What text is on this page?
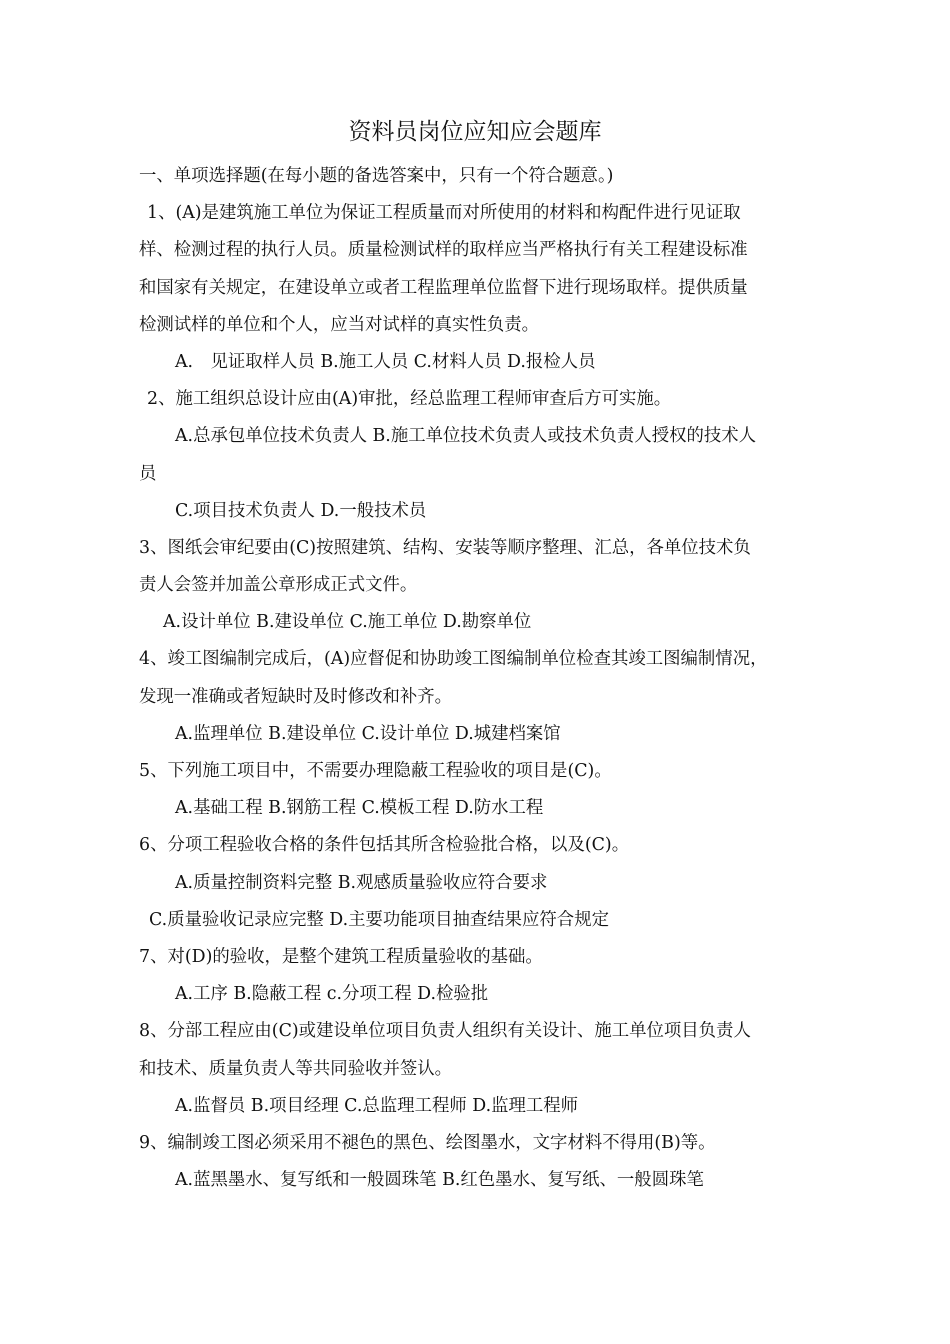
资料员岗位应知应会题库
一、单项选择题(在每小题的备选答案中，只有一个符合题意。)
1、(A)是建筑施工单位为保证工程质量而对所使用的材料和构配件进行见证取
样、检测过程的执行人员。质量检测试样的取样应当严格执行有关工程建设标准
和国家有关规定，在建设单立或者工程监理单位监督下进行现场取样。提供质量
检测试样的单位和个人，应当对试样的真实性负责。
A.　见证取样人员 B.施工人员 C.材料人员 D.报检人员
2、施工组织总设计应由(A)审批，经总监理工程师审查后方可实施。
A.总承包单位技术负责人 B.施工单位技术负责人或技术负责人授权的技术人
员
C.项目技术负责人 D.一般技术员
3、图纸会审纪要由(C)按照建筑、结构、安装等顺序整理、汇总，各单位技术负
责人会签并加盖公章形成正式文件。
A.设计单位 B.建设单位 C.施工单位 D.勘察单位
4、竣工图编制完成后，(A)应督促和协助竣工图编制单位检查其竣工图编制情况，
发现一准确或者短缺时及时修改和补齐。
A.监理单位 B.建设单位 C.设计单位 D.城建档案馆
5、下列施工项目中，不需要办理隐蔽工程验收的项目是(C)。
A.基础工程 B.钢筋工程 C.模板工程 D.防水工程
6、分项工程验收合格的条件包括其所含检验批合格，以及(C)。
A.质量控制资料完整 B.观感质量验收应符合要求
C.质量验收记录应完整 D.主要功能项目抽查结果应符合规定
7、对(D)的验收，是整个建筑工程质量验收的基础。
A.工序 B.隐蔽工程 c.分项工程 D.检验批
8、分部工程应由(C)或建设单位项目负责人组织有关设计、施工单位项目负责人
和技术、质量负责人等共同验收并签认。
A.监督员 B.项目经理 C.总监理工程师 D.监理工程师
9、编制竣工图必须采用不褪色的黑色、绘图墨水，文字材料不得用(B)等。
A.蓝黑墨水、复写纸和一般圆珠笔 B.红色墨水、复写纸、一般圆珠笔
